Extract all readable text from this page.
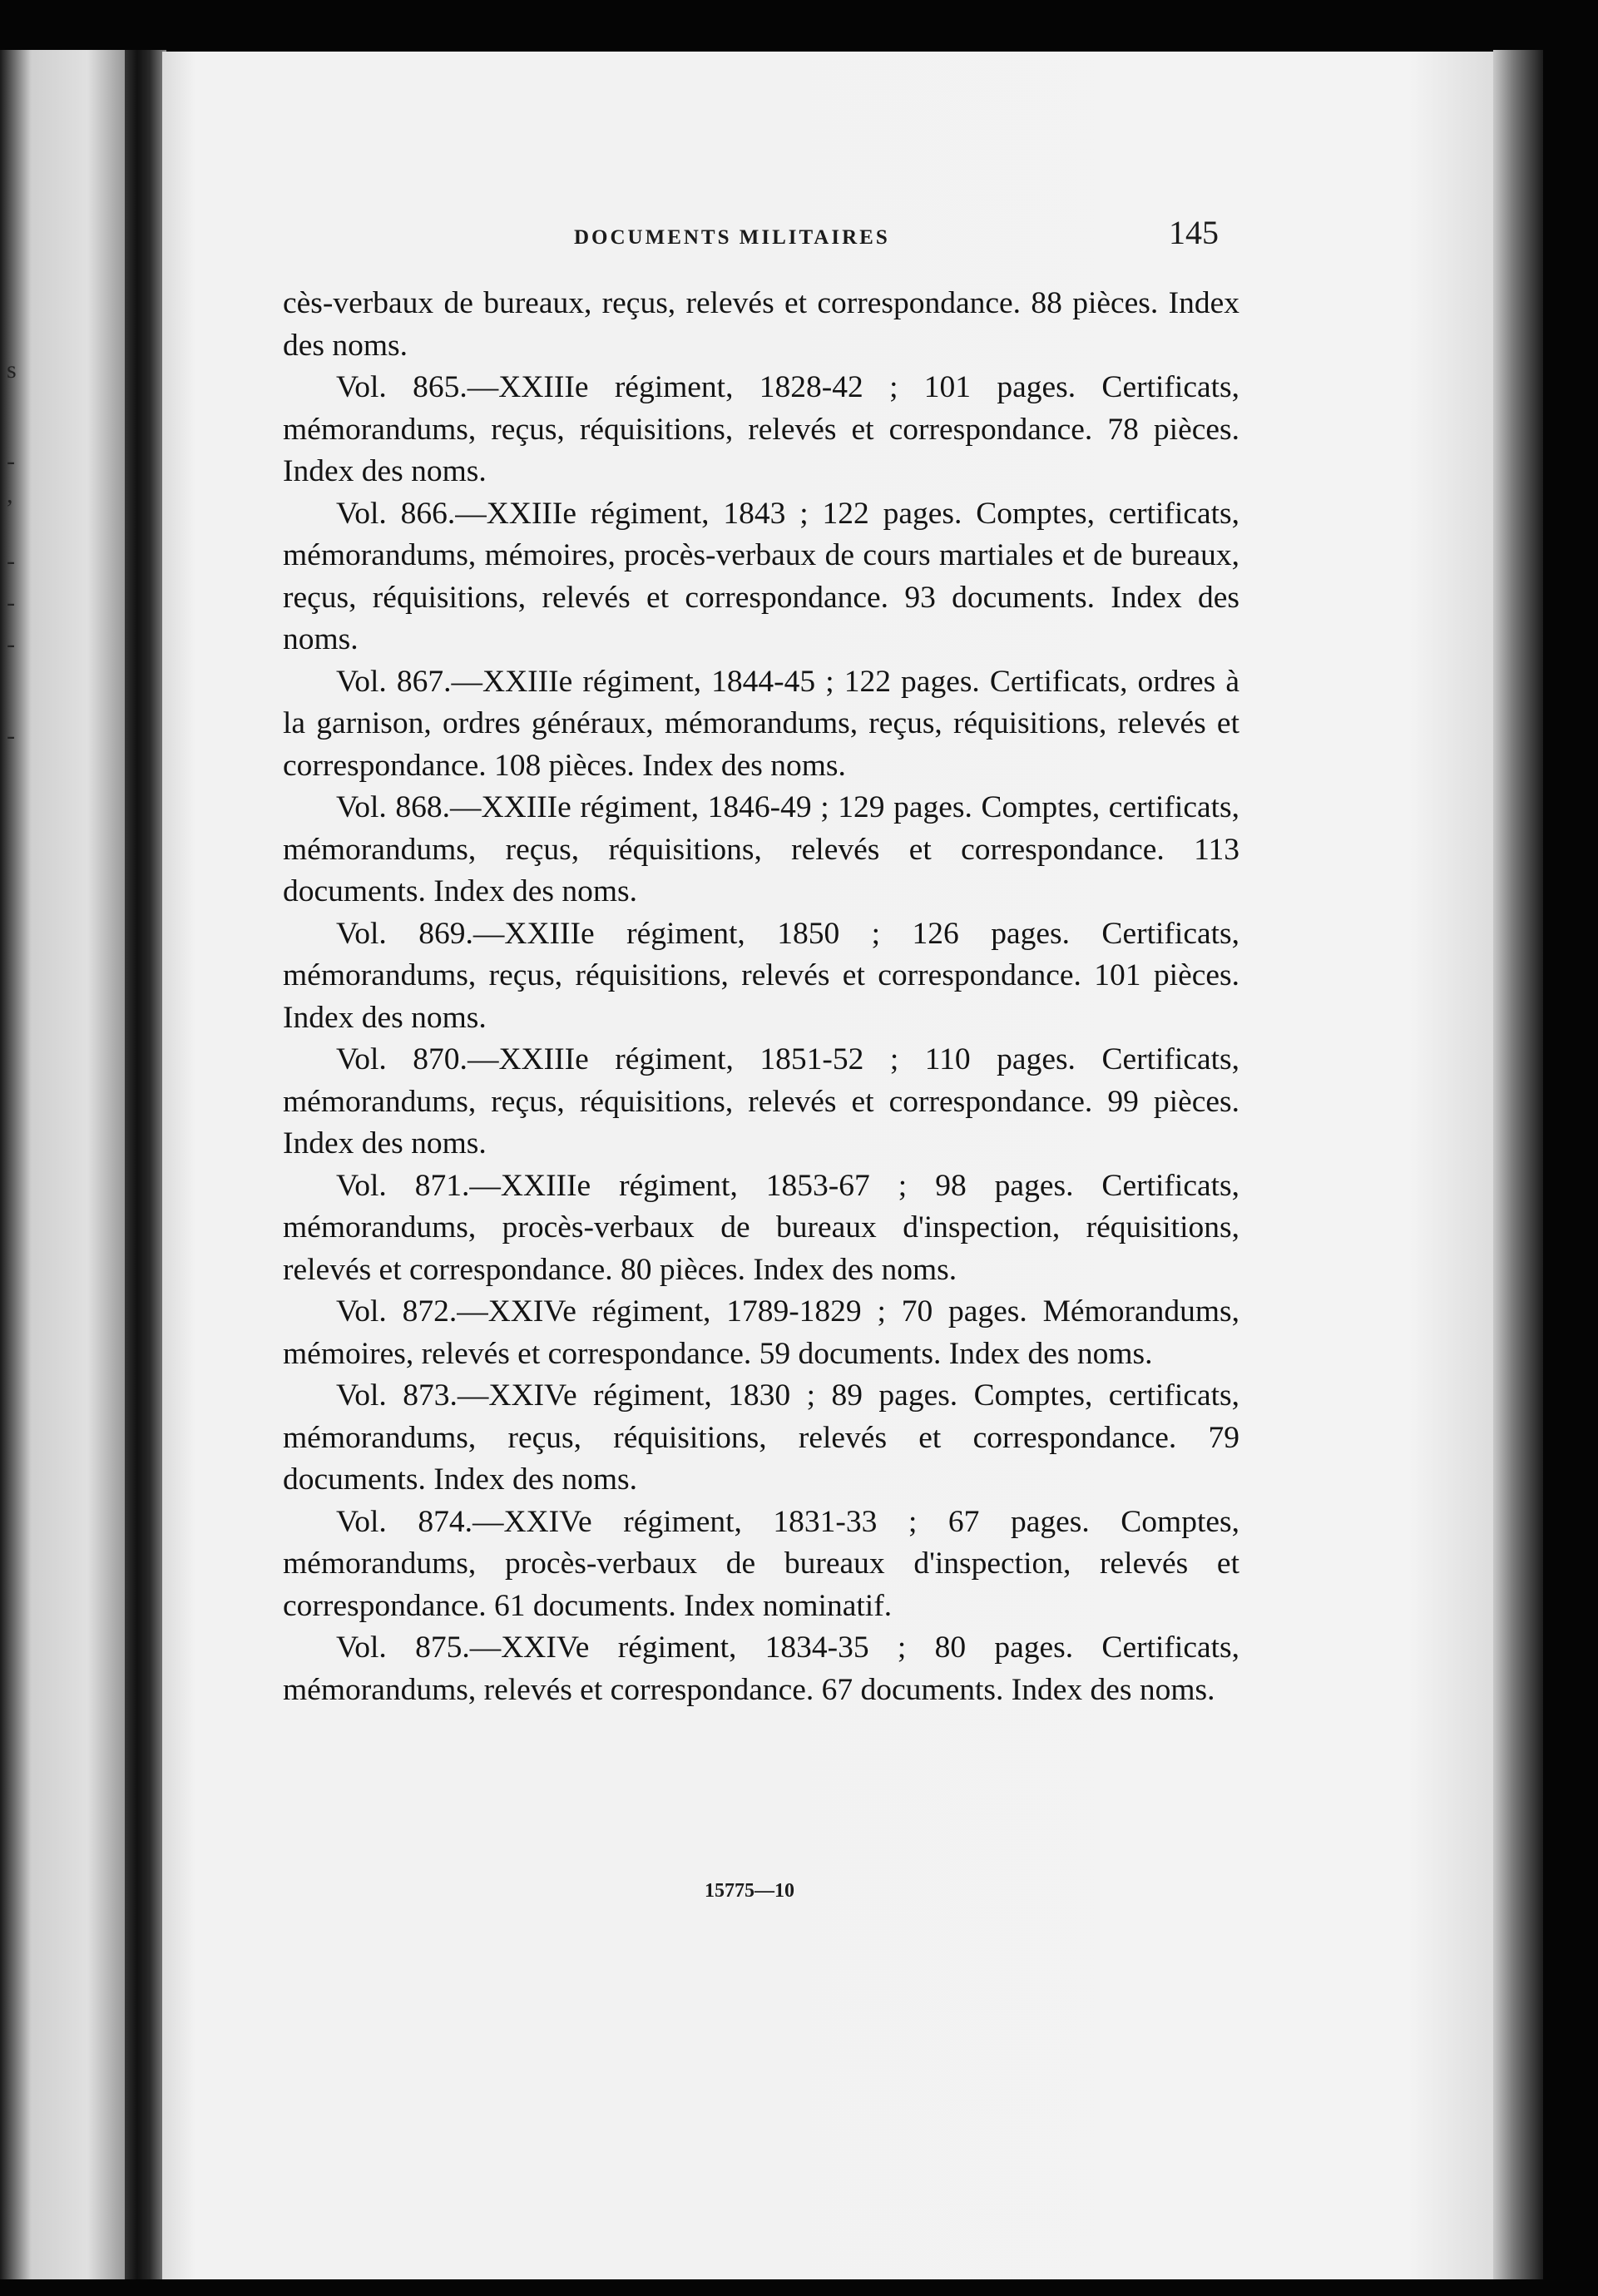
s
-
,
-
-
-
-
DOCUMENTS MILITAIRES	145

cès-verbaux de bureaux, reçus, relevés et correspondance. 88 pièces. Index des noms.

Vol. 865.—XXIIIe régiment, 1828-42 ; 101 pages. Certificats, mémorandums, reçus, réquisitions, relevés et correspondance. 78 pièces. Index des noms.

Vol. 866.—XXIIIe régiment, 1843 ; 122 pages. Comptes, certificats, mémorandums, mémoires, procès-verbaux de cours martiales et de bureaux, reçus, réquisitions, relevés et correspondance. 93 documents. Index des noms.

Vol. 867.—XXIIIe régiment, 1844-45 ; 122 pages. Certificats, ordres à la garnison, ordres généraux, mémorandums, reçus, réquisitions, relevés et correspondance. 108 pièces. Index des noms.

Vol. 868.—XXIIIe régiment, 1846-49 ; 129 pages. Comptes, certificats, mémorandums, reçus, réquisitions, relevés et correspondance. 113 documents. Index des noms.

Vol. 869.—XXIIIe régiment, 1850 ; 126 pages. Certificats, mémorandums, reçus, réquisitions, relevés et correspondance. 101 pièces. Index des noms.

Vol. 870.—XXIIIe régiment, 1851-52 ; 110 pages. Certificats, mémorandums, reçus, réquisitions, relevés et correspondance. 99 pièces. Index des noms.

Vol. 871.—XXIIIe régiment, 1853-67 ; 98 pages. Certificats, mémorandums, procès-verbaux de bureaux d'inspection, réquisitions, relevés et correspondance. 80 pièces. Index des noms.

Vol. 872.—XXIVe régiment, 1789-1829 ; 70 pages. Mémorandums, mémoires, relevés et correspondance. 59 documents. Index des noms.

Vol. 873.—XXIVe régiment, 1830 ; 89 pages. Comptes, certificats, mémorandums, reçus, réquisitions, relevés et correspondance. 79 documents. Index des noms.

Vol. 874.—XXIVe régiment, 1831-33 ; 67 pages. Comptes, mémorandums, procès-verbaux de bureaux d'inspection, relevés et correspondance. 61 documents. Index nominatif.

Vol. 875.—XXIVe régiment, 1834-35 ; 80 pages. Certificats, mémorandums, relevés et correspondance. 67 documents. Index des noms.

15775—10
